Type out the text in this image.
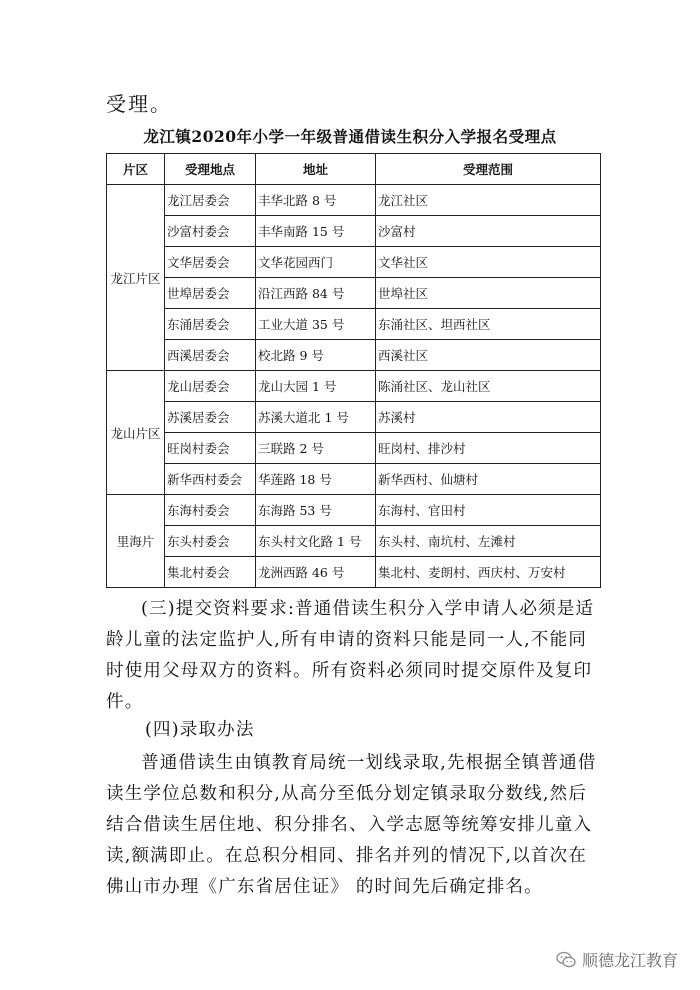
受理。
龙江镇2020年小学一年级普通借读生积分入学报名受理点
片区	受理地点	地址	受理范围
龙江片区	龙江居委会	丰华北路 8 号	龙江社区
	沙富村委会	丰华南路 15 号	沙富村
	文华居委会	文华花园西门	文华社区
	世埠居委会	沿江西路 84 号	世埠社区
	东涌居委会	工业大道 35 号	东涌社区、坦西社区
	西溪居委会	校北路 9 号	西溪社区
龙山片区	龙山居委会	龙山大园 1 号	陈涌社区、龙山社区
	苏溪居委会	苏溪大道北 1 号	苏溪村
	旺岗村委会	三联路 2 号	旺岗村、排沙村
	新华西村委会	华莲路 18 号	新华西村、仙塘村
里海片	东海村委会	东海路 53 号	东海村、官田村
	东头村委会	东头村文化路 1 号	东头村、南坑村、左滩村
	集北村委会	龙洲西路 46 号	集北村、麦朗村、西庆村、万安村
(三)提交资料要求:普通借读生积分入学申请人必须是适龄儿童的法定监护人,所有申请的资料只能是同一人,不能同时使用父母双方的资料。所有资料必须同时提交原件及复印件。
(四)录取办法
普通借读生由镇教育局统一划线录取,先根据全镇普通借读生学位总数和积分,从高分至低分划定镇录取分数线,然后结合借读生居住地、积分排名、入学志愿等统筹安排儿童入读,额满即止。在总积分相同、排名并列的情况下,以首次在佛山市办理《广东省居住证》 的时间先后确定排名。
顺德龙江教育
